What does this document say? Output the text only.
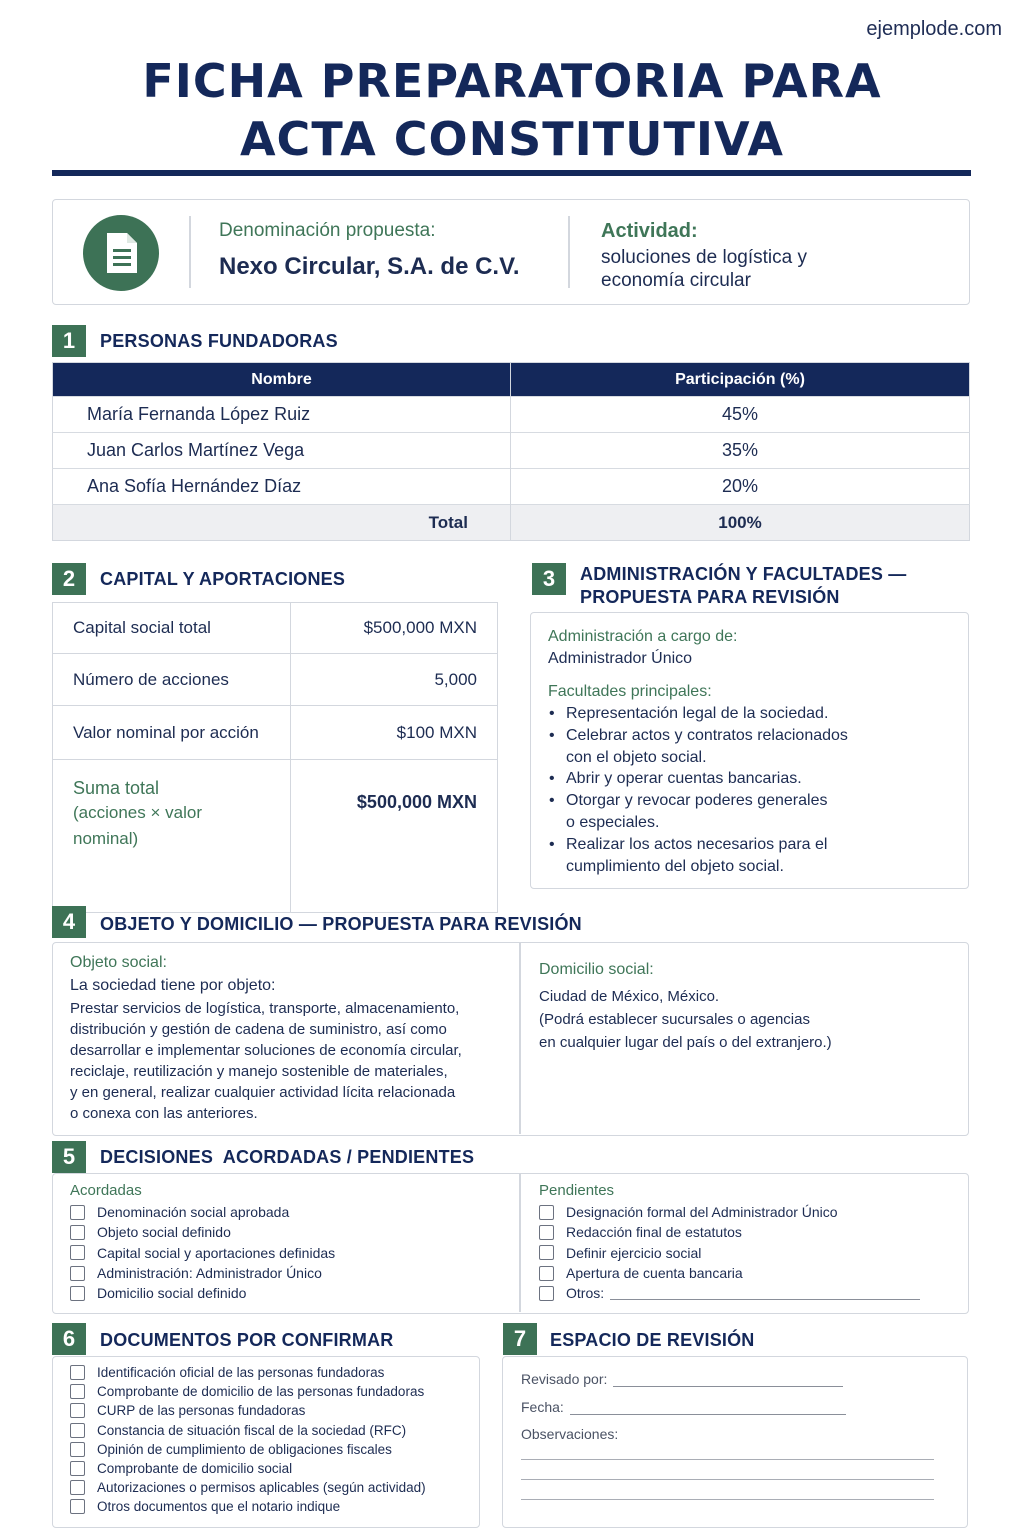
ejemplode.com
FICHA PREPARATORIA PARA
ACTA CONSTITUTIVA
Denominación propuesta:
Nexo Circular, S.A. de C.V.
Actividad:
soluciones de logística y
economía circular
1	PERSONAS FUNDADORAS
Nombre	Participación (%)
María Fernanda López Ruiz	45%
Juan Carlos Martínez Vega	35%
Ana Sofía Hernández Díaz	20%
Total	100%
2	CAPITAL Y APORTACIONES
Capital social total	$500,000 MXN
Número de acciones	5,000
Valor nominal por acción	$100 MXN

Suma total
(acciones × valor nominal)	$500,000 MXN
3	ADMINISTRACIÓN Y FACULTADES —
PROPUESTA PARA REVISIÓN
Administración a cargo de:
Administrador Único
Facultades principales:
• Representación legal de la sociedad.
• Celebrar actos y contratos relacionados
con el objeto social.
• Abrir y operar cuentas bancarias.
• Otorgar y revocar poderes generales
o especiales.
• Realizar los actos necesarios para el
cumplimiento del objeto social.
4	OBJETO Y DOMICILIO — PROPUESTA PARA REVISIÓN
Objeto social:
La sociedad tiene por objeto:
Prestar servicios de logística, transporte, almacenamiento,
distribución y gestión de cadena de suministro, así como
desarrollar e implementar soluciones de economía circular,
reciclaje, reutilización y manejo sostenible de materiales,
y en general, realizar cualquier actividad lícita relacionada
o conexa con las anteriores.
Domicilio social:
Ciudad de México, México.
(Podrá establecer sucursales o agencias
en cualquier lugar del país o del extranjero.)
5	DECISIONES  ACORDADAS / PENDIENTES
Acordadas
Denominación social aprobada
Objeto social definido
Capital social y aportaciones definidas
Administración: Administrador Único
Domicilio social definido
Pendientes
Designación formal del Administrador Único
Redacción final de estatutos
Definir ejercicio social
Apertura de cuenta bancaria
Otros:
6	DOCUMENTOS POR CONFIRMAR
Identificación oficial de las personas fundadoras
Comprobante de domicilio de las personas fundadoras
CURP de las personas fundadoras
Constancia de situación fiscal de la sociedad (RFC)
Opinión de cumplimiento de obligaciones fiscales
Comprobante de domicilio social
Autorizaciones o permisos aplicables (según actividad)
Otros documentos que el notario indique
7	ESPACIO DE REVISIÓN
Revisado por:
Fecha:
Observaciones:
